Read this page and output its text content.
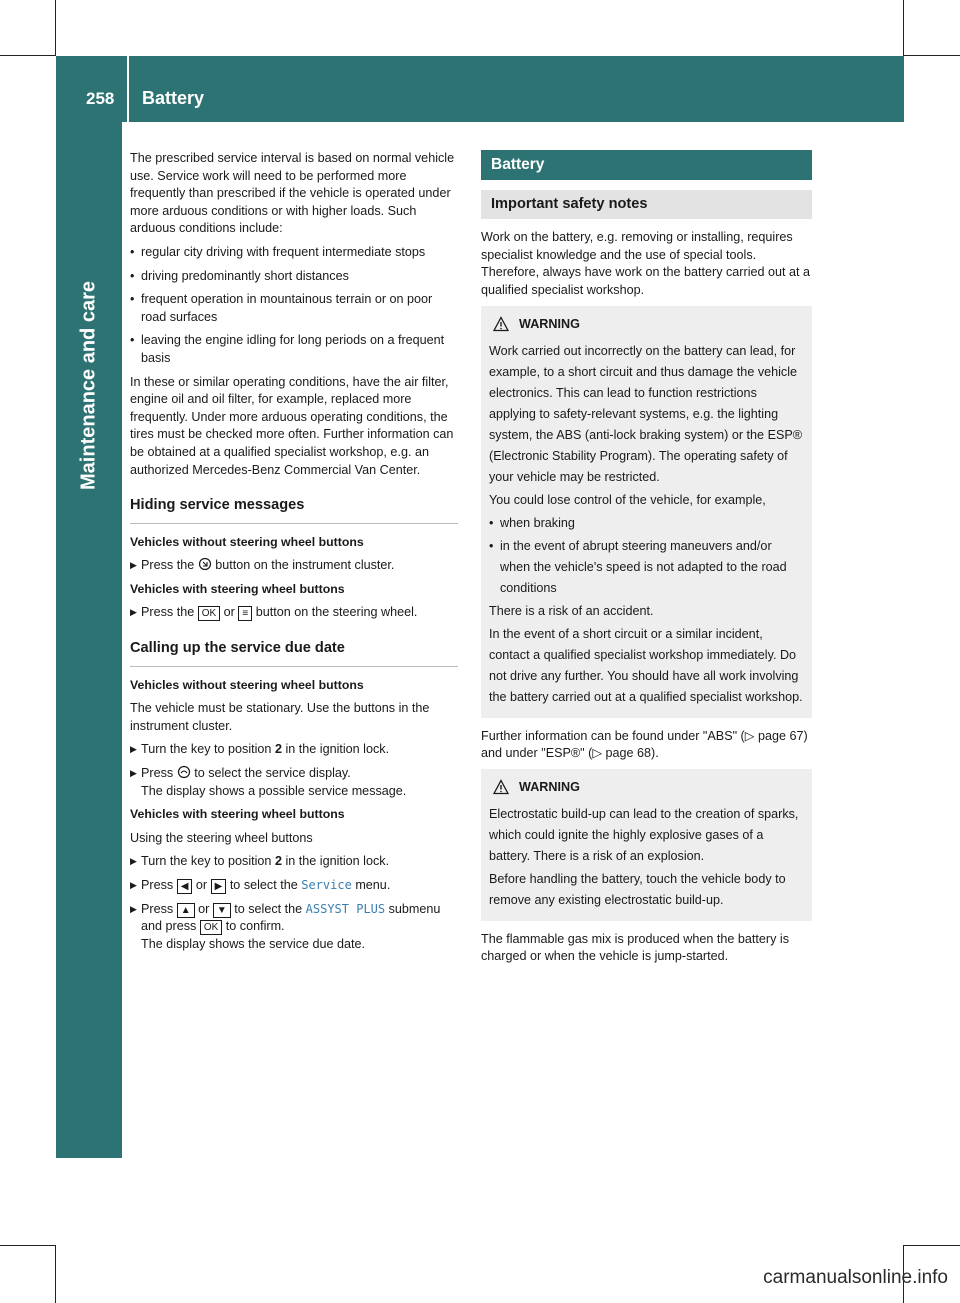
258 Battery
Maintenance and care

The prescribed service interval is based on normal vehicle use. Service work will need to be performed more frequently than prescribed if the vehicle is operated under more arduous conditions or with higher loads. Such arduous conditions include:

• regular city driving with frequent intermediate stops
• driving predominantly short distances
• frequent operation in mountainous terrain or on poor road surfaces
• leaving the engine idling for long periods on a frequent basis

In these or similar operating conditions, have the air filter, engine oil and oil filter, for example, replaced more frequently. Under more arduous operating conditions, the tires must be checked more often. Further information can be obtained at a qualified specialist workshop, e.g. an authorized Mercedes-Benz Commercial Van Center.

Hiding service messages
Vehicles without steering wheel buttons
▶ Press the button on the instrument cluster.
Vehicles with steering wheel buttons
▶ Press the OK or ≡ button on the steering wheel.
Calling up the service due date
Vehicles without steering wheel buttons

The vehicle must be stationary. Use the buttons in the instrument cluster.

▶ Turn the key to position 2 in the ignition lock.
▶ Press to select the service display.
The display shows a possible service message.
Vehicles with steering wheel buttons

Using the steering wheel buttons

▶ Turn the key to position 2 in the ignition lock.
▶ Press ◀ or ▶ to select the Service menu.
▶ Press ▲ or ▼ to select the ASSYST PLUS submenu and press OK to confirm.
The display shows the service due date.
Battery
Important safety notes

Work on the battery, e.g. removing or installing, requires specialist knowledge and the use of special tools. Therefore, always have work on the battery carried out at a qualified specialist workshop.

WARNING

Work carried out incorrectly on the battery can lead, for example, to a short circuit and thus damage the vehicle electronics. This can lead to function restrictions applying to safety-relevant systems, e.g. the lighting system, the ABS (anti-lock braking system) or the ESP® (Electronic Stability Program). The operating safety of your vehicle may be restricted.

You could lose control of the vehicle, for example,

• when braking
• in the event of abrupt steering maneuvers and/or when the vehicle's speed is not adapted to the road conditions

There is a risk of an accident.

In the event of a short circuit or a similar incident, contact a qualified specialist workshop immediately. Do not drive any further. You should have all work involving the battery carried out at a qualified specialist workshop.

Further information can be found under "ABS" (▷ page 67) and under "ESP®" (▷ page 68).

WARNING

Electrostatic build-up can lead to the creation of sparks, which could ignite the highly explosive gases of a battery. There is a risk of an explosion.

Before handling the battery, touch the vehicle body to remove any existing electrostatic build-up.

The flammable gas mix is produced when the battery is charged or when the vehicle is jump-started.

carmanualsonline.info
